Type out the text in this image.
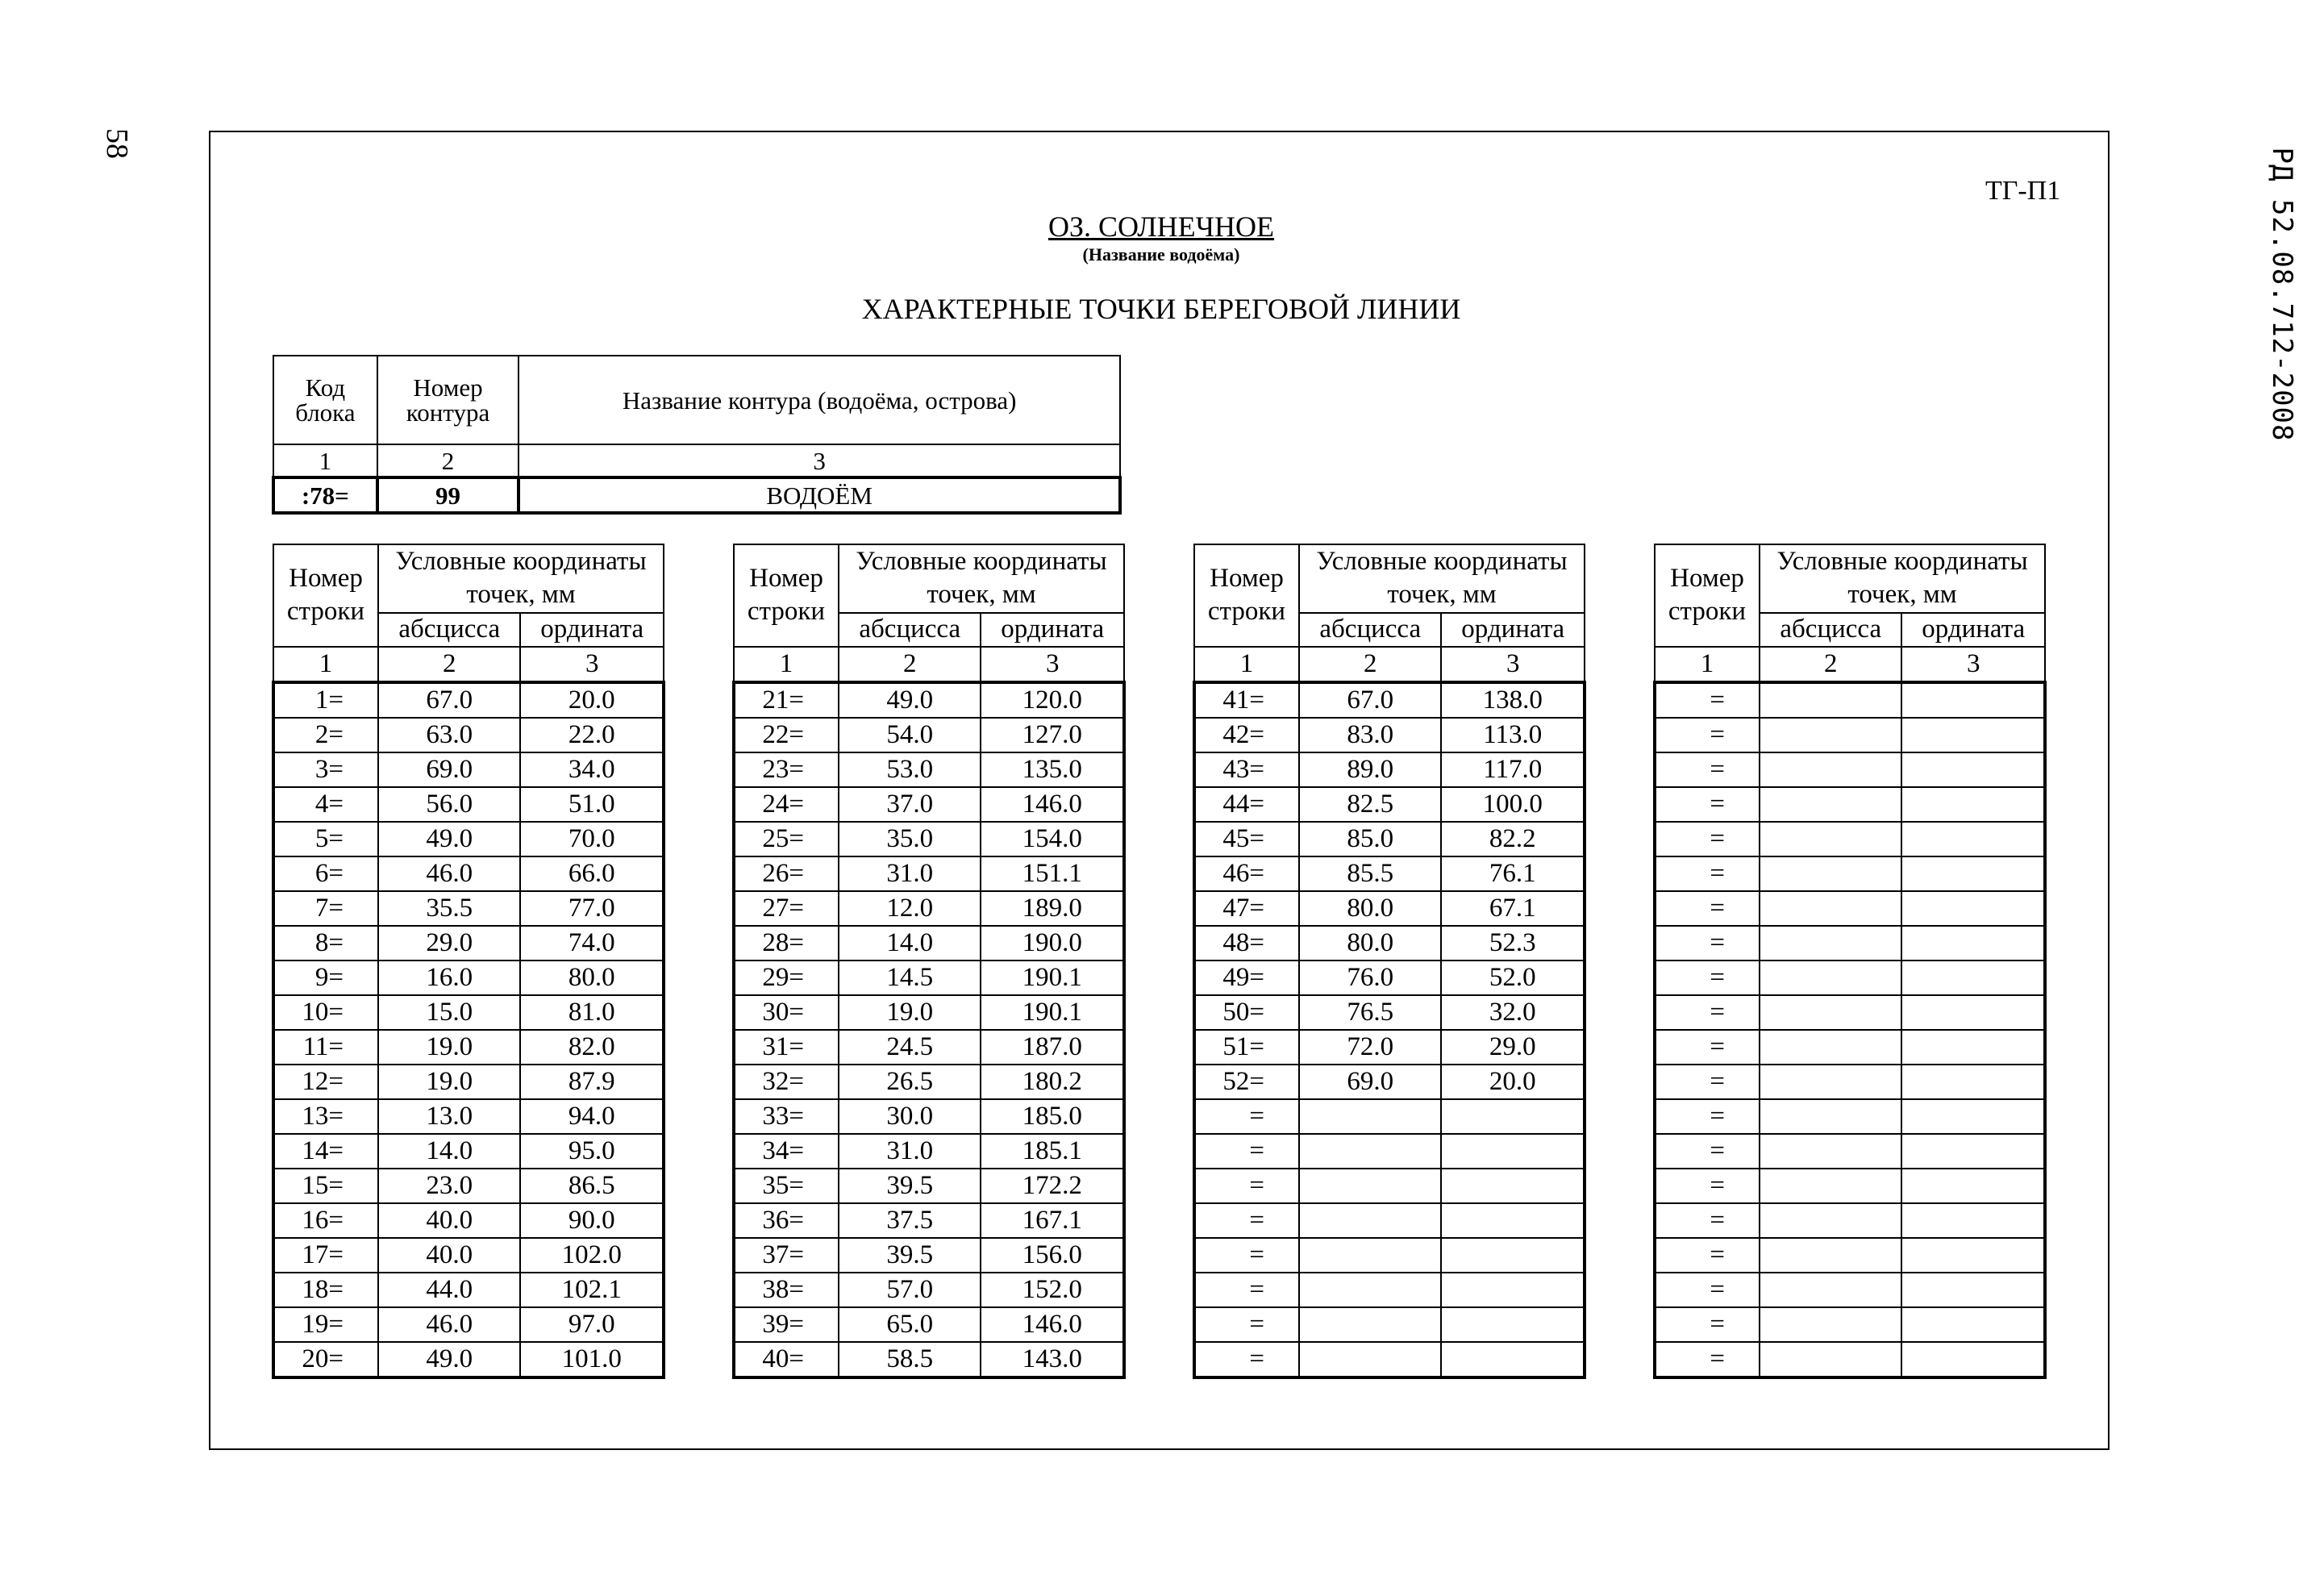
58
РД 52.08.712-2008
ТГ-П1
ОЗ. СОЛНЕЧНОЕ
(Название водоёма)
ХАРАКТЕРНЫЕ ТОЧКИ БЕРЕГОВОЙ ЛИНИИ
Код блока	Номер контура	Название контура (водоёма, острова)
1	2	3
:78=	99	ВОДОЁМ
Номер строки	Условные координаты точек, мм	
	абсцисса	ордината
1	2	3
1=	67.0	20.0
2=	63.0	22.0
3=	69.0	34.0
4=	56.0	51.0
5=	49.0	70.0
6=	46.0	66.0
7=	35.5	77.0
8=	29.0	74.0
9=	16.0	80.0
10=	15.0	81.0
11=	19.0	82.0
12=	19.0	87.9
13=	13.0	94.0
14=	14.0	95.0
15=	23.0	86.5
16=	40.0	90.0
17=	40.0	102.0
18=	44.0	102.1
19=	46.0	97.0
20=	49.0	101.0
Номер строки	Условные координаты точек, мм	
	абсцисса	ордината
1	2	3
21=	49.0	120.0
22=	54.0	127.0
23=	53.0	135.0
24=	37.0	146.0
25=	35.0	154.0
26=	31.0	151.1
27=	12.0	189.0
28=	14.0	190.0
29=	14.5	190.1
30=	19.0	190.1
31=	24.5	187.0
32=	26.5	180.2
33=	30.0	185.0
34=	31.0	185.1
35=	39.5	172.2
36=	37.5	167.1
37=	39.5	156.0
38=	57.0	152.0
39=	65.0	146.0
40=	58.5	143.0
Номер строки	Условные координаты точек, мм	
	абсцисса	ордината
1	2	3
41=	67.0	138.0
42=	83.0	113.0
43=	89.0	117.0
44=	82.5	100.0
45=	85.0	82.2
46=	85.5	76.1
47=	80.0	67.1
48=	80.0	52.3
49=	76.0	52.0
50=	76.5	32.0
51=	72.0	29.0
52=	69.0	20.0
=		
=		
=		
=		
=		
=		
=		
=		
Номер строки	Условные координаты точек, мм	
	абсцисса	ордината
1	2	3
=		
=		
=		
=		
=		
=		
=		
=		
=		
=		
=		
=		
=		
=		
=		
=		
=		
=		
=		
=		
